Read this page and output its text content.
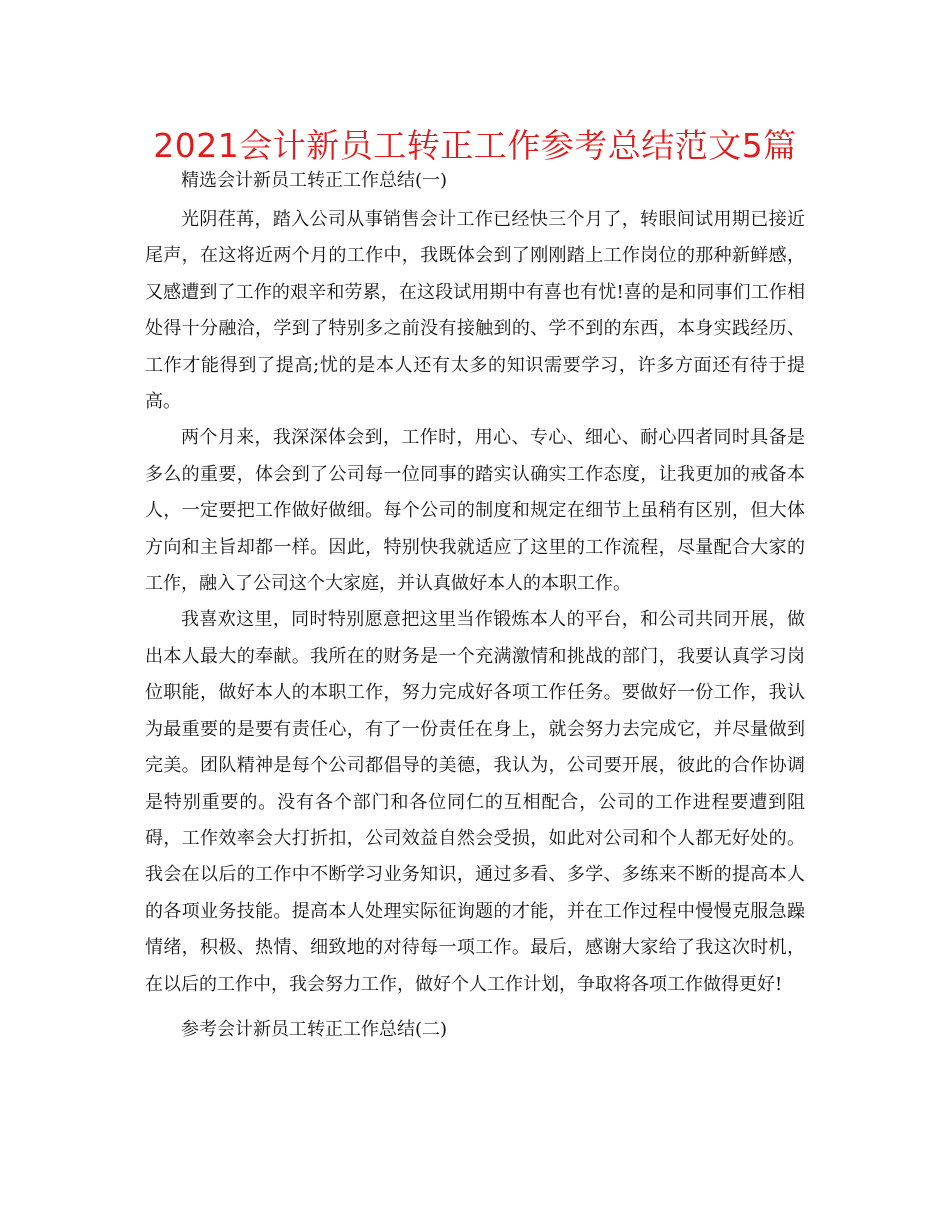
2021会计新员工转正工作参考总结范文5篇

精选会计新员工转正工作总结(一)

光阴荏苒，踏入公司从事销售会计工作已经快三个月了，转眼间试用期已接近尾声，在这将近两个月的工作中，我既体会到了刚刚踏上工作岗位的那种新鲜感，又感遭到了工作的艰辛和劳累，在这段试用期中有喜也有忧!喜的是和同事们工作相处得十分融洽，学到了特别多之前没有接触到的、学不到的东西，本身实践经历、工作才能得到了提高;忧的是本人还有太多的知识需要学习，许多方面还有待于提高。

两个月来，我深深体会到，工作时，用心、专心、细心、耐心四者同时具备是多么的重要，体会到了公司每一位同事的踏实认确实工作态度，让我更加的戒备本人，一定要把工作做好做细。每个公司的制度和规定在细节上虽稍有区别，但大体方向和主旨却都一样。因此，特别快我就适应了这里的工作流程，尽量配合大家的工作，融入了公司这个大家庭，并认真做好本人的本职工作。

我喜欢这里，同时特别愿意把这里当作锻炼本人的平台，和公司共同开展，做出本人最大的奉献。我所在的财务是一个充满激情和挑战的部门，我要认真学习岗位职能，做好本人的本职工作，努力完成好各项工作任务。要做好一份工作，我认为最重要的是要有责任心，有了一份责任在身上，就会努力去完成它，并尽量做到完美。团队精神是每个公司都倡导的美德，我认为，公司要开展，彼此的合作协调是特别重要的。没有各个部门和各位同仁的互相配合，公司的工作进程要遭到阻碍，工作效率会大打折扣，公司效益自然会受损，如此对公司和个人都无好处的。我会在以后的工作中不断学习业务知识，通过多看、多学、多练来不断的提高本人的各项业务技能。提高本人处理实际征询题的才能，并在工作过程中慢慢克服急躁情绪，积极、热情、细致地的对待每一项工作。最后，感谢大家给了我这次时机，在以后的工作中，我会努力工作，做好个人工作计划，争取将各项工作做得更好!

参考会计新员工转正工作总结(二)
